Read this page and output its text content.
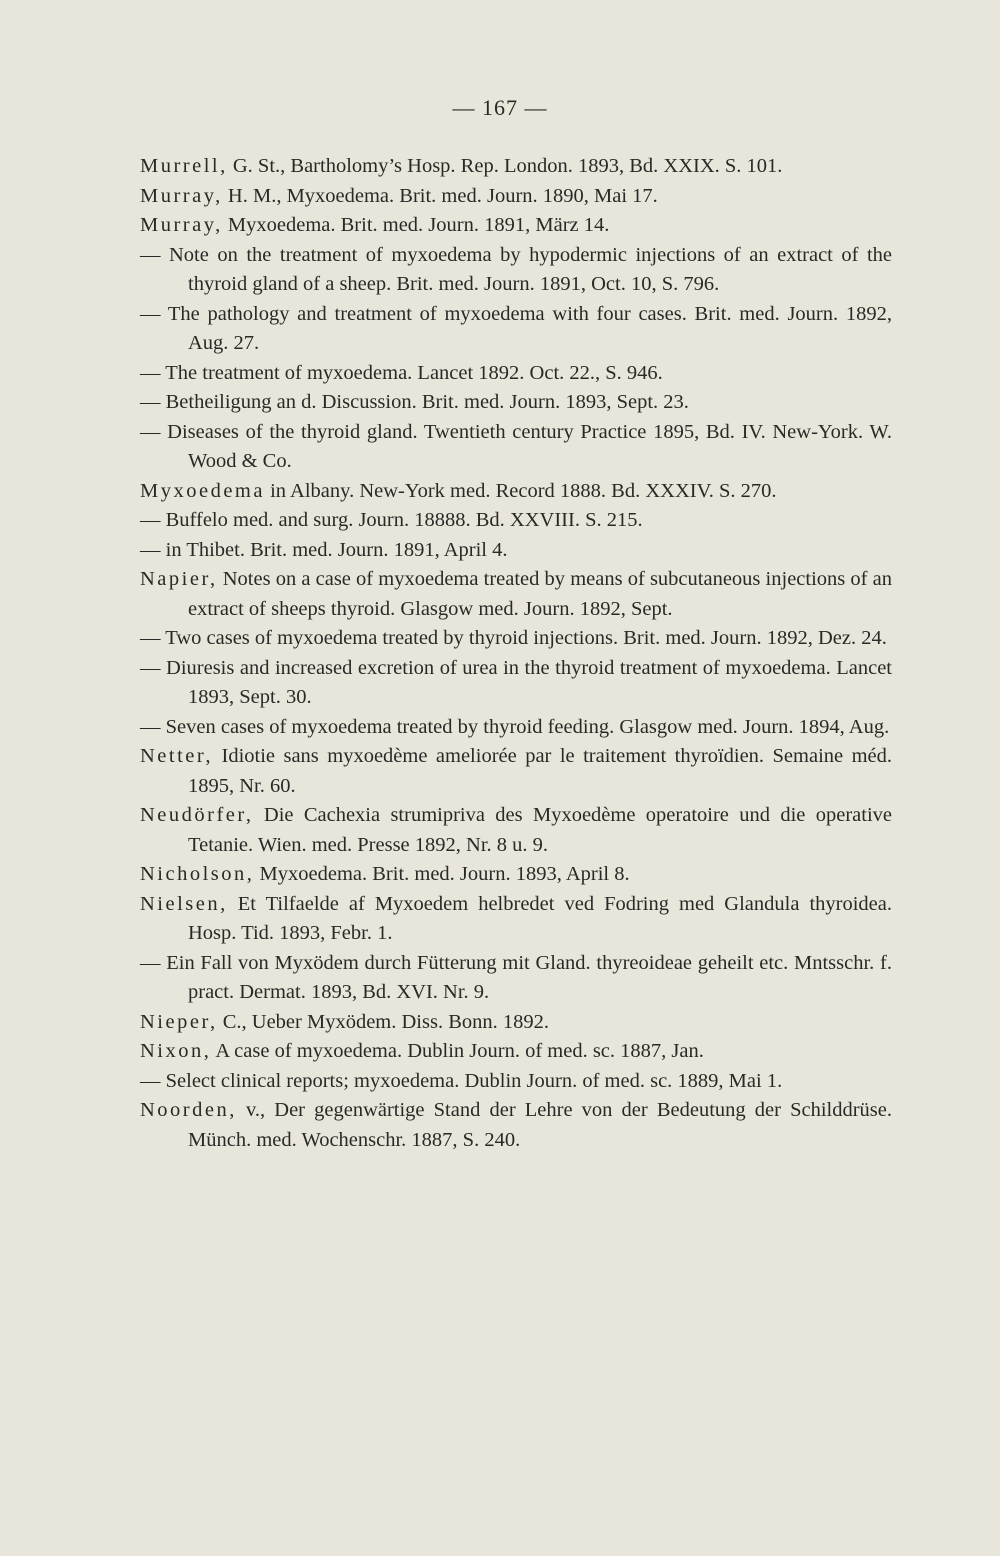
— 167 —

Murrell, G. St., Bartholomy’s Hosp. Rep. London. 1893, Bd. XXIX. S. 101.

Murray, H. M., Myxoedema. Brit. med. Journ. 1890, Mai 17.

Murray, Myxoedema. Brit. med. Journ. 1891, März 14.

— Note on the treatment of myxoedema by hypodermic injections of an extract of the thyroid gland of a sheep. Brit. med. Journ. 1891, Oct. 10, S. 796.

— The pathology and treatment of myxoedema with four cases. Brit. med. Journ. 1892, Aug. 27.

— The treatment of myxoedema. Lancet 1892. Oct. 22., S. 946.

— Betheiligung an d. Discussion. Brit. med. Journ. 1893, Sept. 23.

— Diseases of the thyroid gland. Twentieth century Practice 1895, Bd. IV. New-York. W. Wood & Co.

Myxoedema in Albany. New-York med. Record 1888. Bd. XXXIV. S. 270.

— Buffelo med. and surg. Journ. 18888. Bd. XXVIII. S. 215.

— in Thibet. Brit. med. Journ. 1891, April 4.

Napier, Notes on a case of myxoedema treated by means of subcutaneous injections of an extract of sheeps thyroid. Glasgow med. Journ. 1892, Sept.

— Two cases of myxoedema treated by thyroid injections. Brit. med. Journ. 1892, Dez. 24.

— Diuresis and increased excretion of urea in the thyroid treatment of myxoedema. Lancet 1893, Sept. 30.

— Seven cases of myxoedema treated by thyroid feeding. Glasgow med. Journ. 1894, Aug.

Netter, Idiotie sans myxoedème ameliorée par le traitement thyroïdien. Semaine méd. 1895, Nr. 60.

Neudörfer, Die Cachexia strumipriva des Myxoedème operatoire und die operative Tetanie. Wien. med. Presse 1892, Nr. 8 u. 9.

Nicholson, Myxoedema. Brit. med. Journ. 1893, April 8.

Nielsen, Et Tilfaelde af Myxoedem helbredet ved Fodring med Glandula thyroidea. Hosp. Tid. 1893, Febr. 1.

— Ein Fall von Myxödem durch Fütterung mit Gland. thyreoideae geheilt etc. Mntsschr. f. pract. Dermat. 1893, Bd. XVI. Nr. 9.

Nieper, C., Ueber Myxödem. Diss. Bonn. 1892.

Nixon, A case of myxoedema. Dublin Journ. of med. sc. 1887, Jan.

— Select clinical reports; myxoedema. Dublin Journ. of med. sc. 1889, Mai 1.

Noorden, v., Der gegenwärtige Stand der Lehre von der Bedeutung der Schilddrüse. Münch. med. Wochenschr. 1887, S. 240.
